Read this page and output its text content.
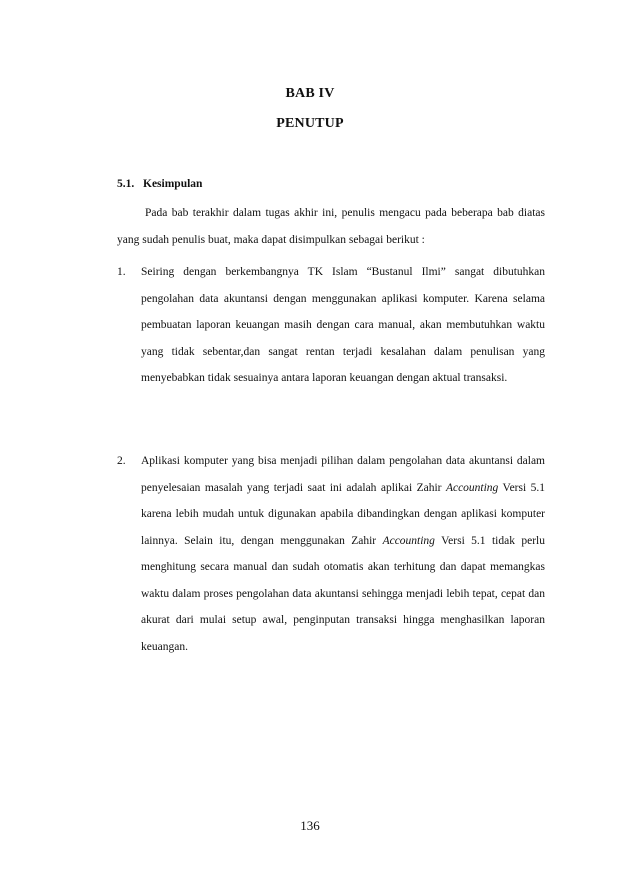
BAB IV
PENUTUP
5.1. Kesimpulan
Pada bab terakhir dalam tugas akhir ini, penulis mengacu pada beberapa bab diatas yang sudah penulis buat, maka dapat disimpulkan sebagai berikut :
1.	Seiring dengan berkembangnya TK Islam “Bustanul Ilmi” sangat dibutuhkan pengolahan data akuntansi dengan menggunakan aplikasi komputer. Karena selama pembuatan laporan keuangan masih dengan cara manual, akan membutuhkan waktu yang tidak sebentar,dan sangat rentan terjadi kesalahan dalam penulisan yang menyebabkan tidak sesuainya antara laporan keuangan dengan aktual transaksi.
2.	Aplikasi komputer yang bisa menjadi pilihan dalam pengolahan data akuntansi dalam penyelesaian masalah yang terjadi saat ini adalah aplikai Zahir Accounting Versi 5.1 karena lebih mudah untuk digunakan apabila dibandingkan dengan aplikasi komputer lainnya. Selain itu, dengan menggunakan Zahir Accounting Versi 5.1 tidak perlu menghitung secara manual dan sudah otomatis akan terhitung dan dapat memangkas waktu dalam proses pengolahan data akuntansi sehingga menjadi lebih tepat, cepat dan akurat dari mulai setup awal, penginputan transaksi hingga menghasilkan laporan keuangan.
136
